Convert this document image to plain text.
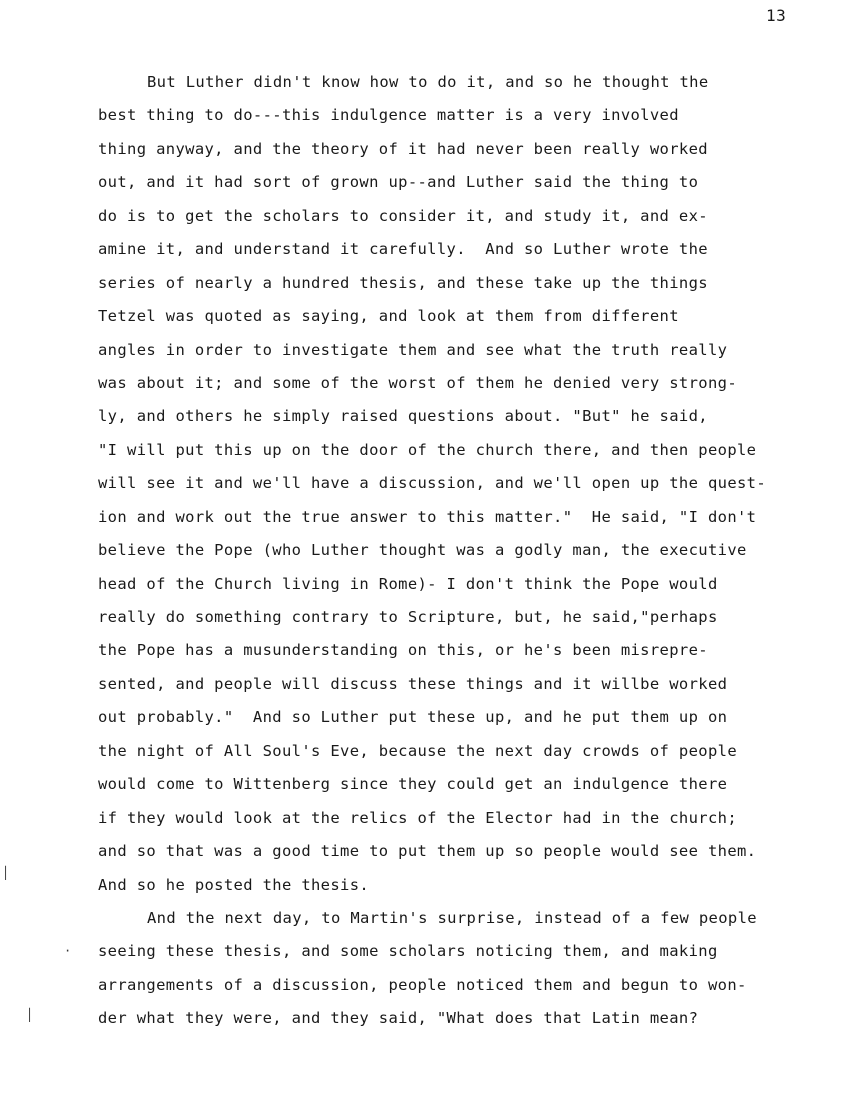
13
But Luther didn't know how to do it, and so he thought the
best thing to do---this indulgence matter is a very involved
thing anyway, and the theory of it had never been really worked
out, and it had sort of grown up--and Luther said the thing to
do is to get the scholars to consider it, and study it, and ex-
amine it, and understand it carefully.  And so Luther wrote the
series of nearly a hundred thesis, and these take up the things
Tetzel was quoted as saying, and look at them from different
angles in order to investigate them and see what the truth really
was about it; and some of the worst of them he denied very strong-
ly, and others he simply raised questions about. "But" he said,
"I will put this up on the door of the church there, and then people
will see it and we'll have a discussion, and we'll open up the quest-
ion and work out the true answer to this matter."  He said, "I don't
believe the Pope (who Luther thought was a godly man, the executive
head of the Church living in Rome)- I don't think the Pope would
really do something contrary to Scripture, but, he said,"perhaps
the Pope has a musunderstanding on this, or he's been misrepre-
sented, and people will discuss these things and it willbe worked
out probably."  And so Luther put these up, and he put them up on
the night of All Soul's Eve, because the next day crowds of people
would come to Wittenberg since they could get an indulgence there
if they would look at the relics of the Elector had in the church;
and so that was a good time to put them up so people would see them.
And so he posted the thesis.
And the next day, to Martin's surprise, instead of a few people
seeing these thesis, and some scholars noticing them, and making
arrangements of a discussion, people noticed them and begun to won-
der what they were, and they said, "What does that Latin mean?
│
·
│
